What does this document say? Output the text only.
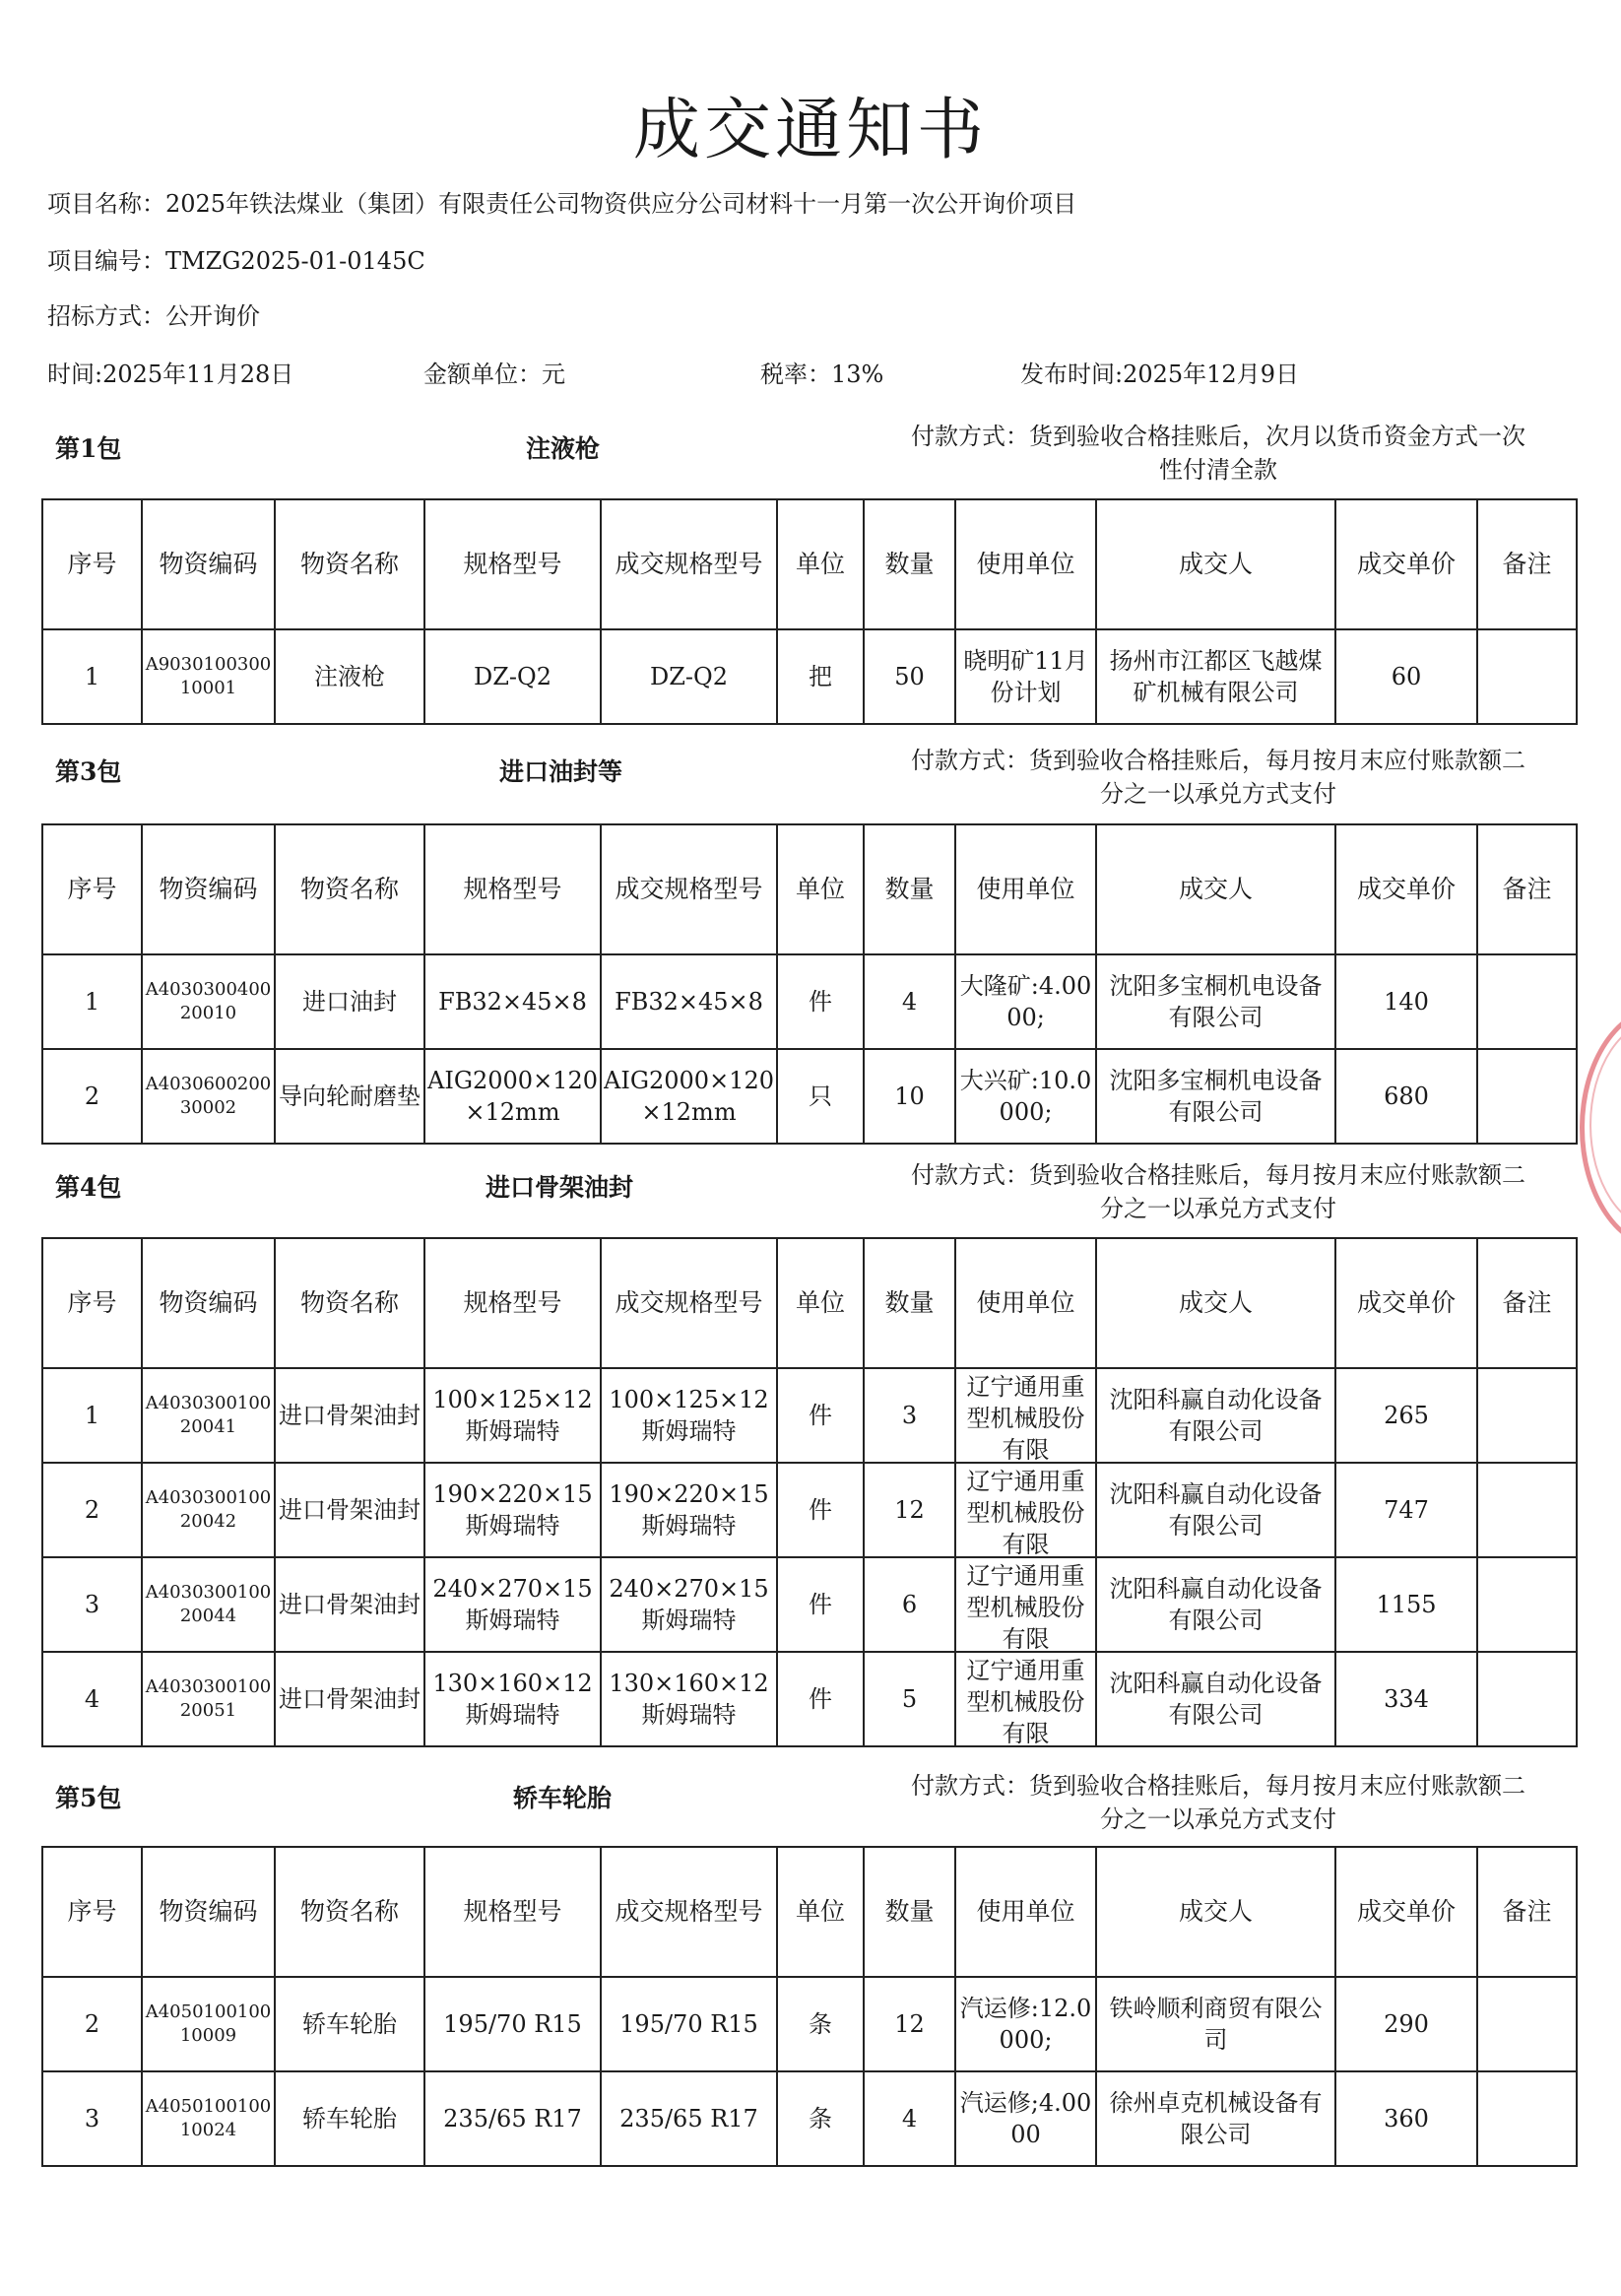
成交通知书
项目名称：2025年铁法煤业（集团）有限责任公司物资供应分公司材料十一月第一次公开询价项目
项目编号：TMZG2025-01-0145C
招标方式：公开询价
时间:2025年11月28日	金额单位：元	税率：13%	发布时间:2025年12月9日
第1包	注液枪	付款方式：货到验收合格挂账后，次月以货币资金方式一次
性付清全款
序号	物资编码	物资名称	规格型号	成交规格型号	单位	数量	使用单位	成交人	成交单价	备注

1	A903010030010001	注液枪	DZ-Q2	DZ-Q2	把	50	晓明矿11月份计划	扬州市江都区飞越煤矿机械有限公司	60	

第3包	进口油封等	付款方式：货到验收合格挂账后，每月按月末应付账款额二
分之一以承兑方式支付
序号	物资编码	物资名称	规格型号	成交规格型号	单位	数量	使用单位	成交人	成交单价	备注

1	A403030040020010	进口油封	FB32×45×8	FB32×45×8	件	4	大隆矿:4.0000;	沈阳多宝桐机电设备有限公司	140	

2	A403060020030002	导向轮耐磨垫	AIG2000×120×12mm	AIG2000×120×12mm	只	10	大兴矿:10.0000;	沈阳多宝桐机电设备有限公司	680	

第4包	进口骨架油封	付款方式：货到验收合格挂账后，每月按月末应付账款额二
分之一以承兑方式支付
序号	物资编码	物资名称	规格型号	成交规格型号	单位	数量	使用单位	成交人	成交单价	备注

1	A403030010020041	进口骨架油封	100×125×12斯姆瑞特	100×125×12斯姆瑞特	件	3	辽宁通用重型机械股份有限	沈阳科赢自动化设备有限公司	265	

2	A403030010020042	进口骨架油封	190×220×15斯姆瑞特	190×220×15斯姆瑞特	件	12	辽宁通用重型机械股份有限	沈阳科赢自动化设备有限公司	747	

3	A403030010020044	进口骨架油封	240×270×15斯姆瑞特	240×270×15斯姆瑞特	件	6	辽宁通用重型机械股份有限	沈阳科赢自动化设备有限公司	1155	

4	A403030010020051	进口骨架油封	130×160×12斯姆瑞特	130×160×12斯姆瑞特	件	5	辽宁通用重型机械股份有限	沈阳科赢自动化设备有限公司	334	

第5包	轿车轮胎	付款方式：货到验收合格挂账后，每月按月末应付账款额二
分之一以承兑方式支付
序号	物资编码	物资名称	规格型号	成交规格型号	单位	数量	使用单位	成交人	成交单价	备注

2	A405010010010009	轿车轮胎	195/70 R15	195/70 R15	条	12	汽运修:12.0000;	铁岭顺利商贸有限公司	290	

3	A405010010010024	轿车轮胎	235/65 R17	235/65 R17	条	4	汽运修;4.0000	徐州卓克机械设备有限公司	360	
